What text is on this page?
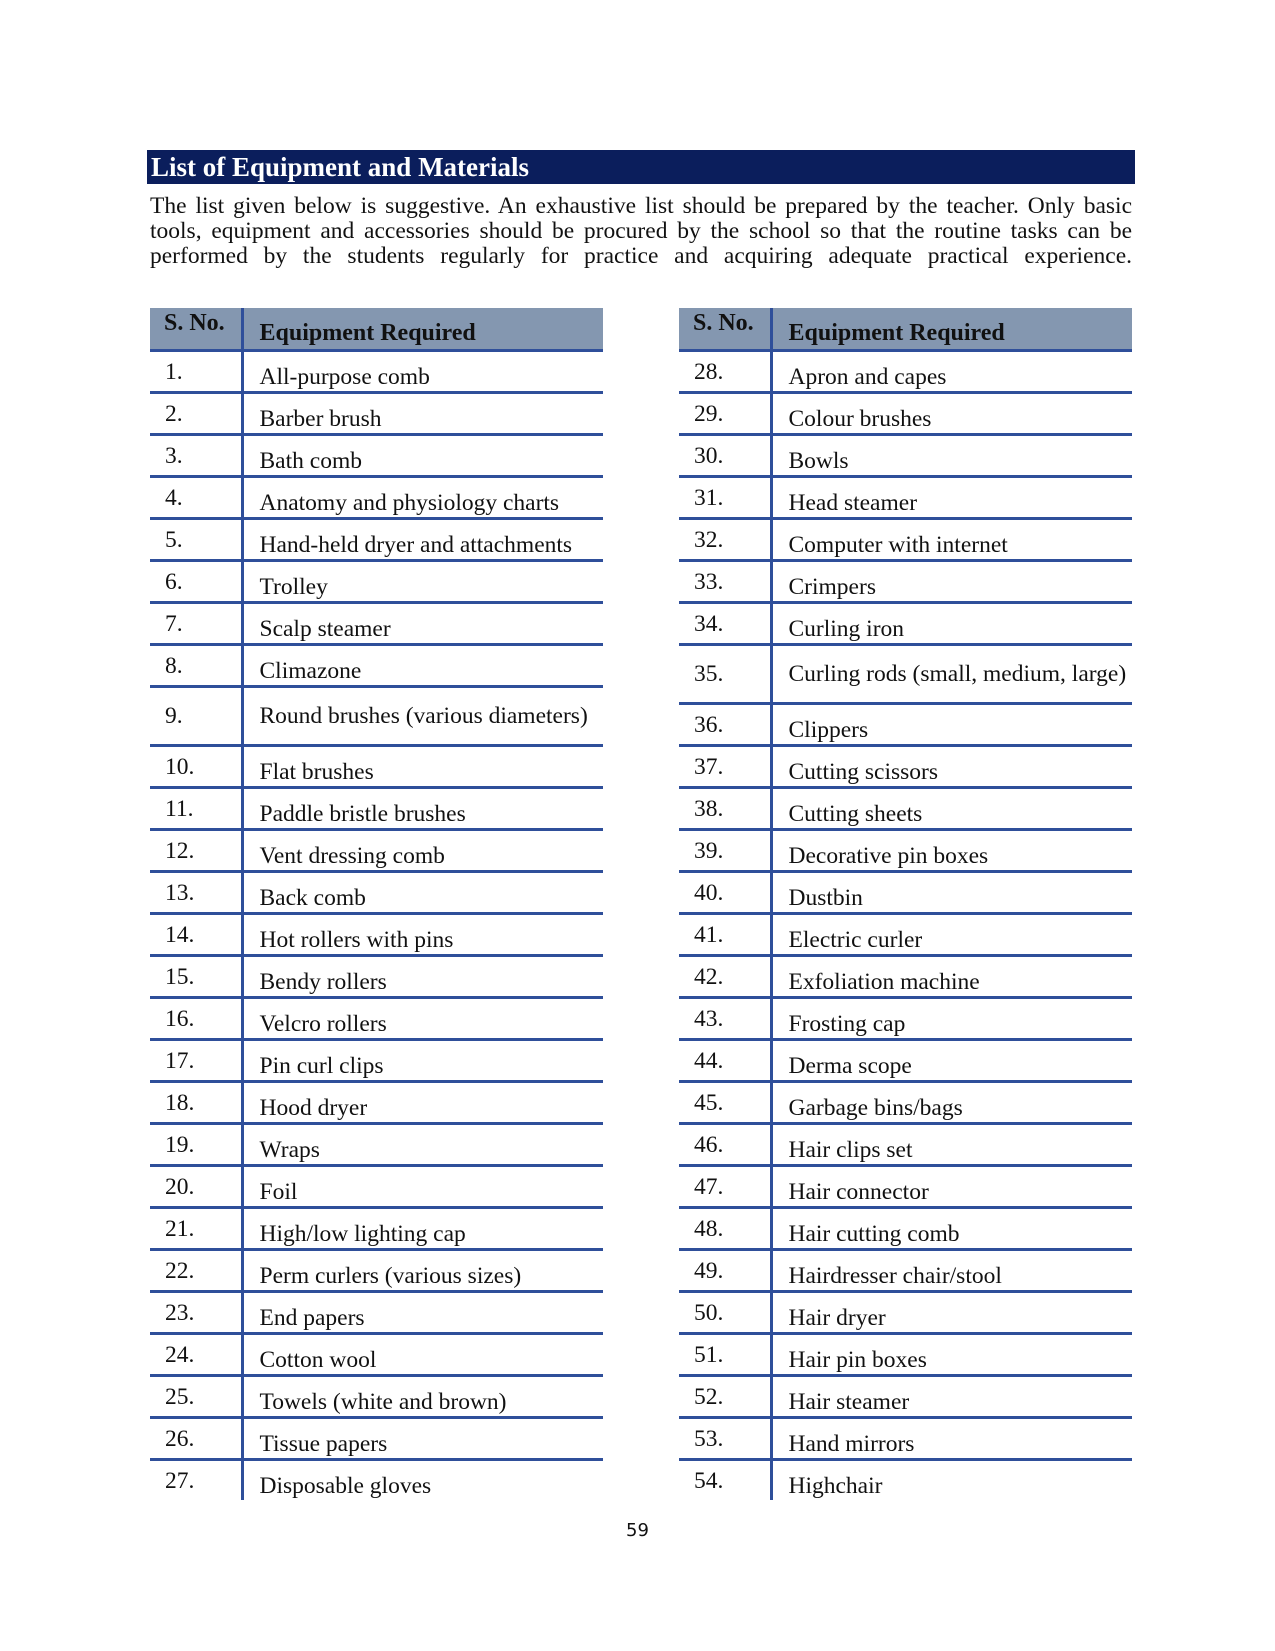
List of Equipment and Materials

The list given below is suggestive. An exhaustive list should be prepared by the teacher. Only basic tools, equipment and accessories should be procured by the school so that the routine tasks can be performed by the students regularly for practice and acquiring adequate practical experience.

S. No.	Equipment Required
1.	All-purpose comb
2.	Barber brush
3.	Bath comb
4.	Anatomy and physiology charts
5.	Hand-held dryer and attachments
6.	Trolley
7.	Scalp steamer
8.	Climazone
9.	Round brushes (various diameters)
10.	Flat brushes
11.	Paddle bristle brushes
12.	Vent dressing comb
13.	Back comb
14.	Hot rollers with pins
15.	Bendy rollers
16.	Velcro rollers
17.	Pin curl clips
18.	Hood dryer
19.	Wraps
20.	Foil
21.	High/low lighting cap
22.	Perm curlers (various sizes)
23.	End papers
24.	Cotton wool
25.	Towels (white and brown)
26.	Tissue papers
27.	Disposable gloves
S. No.	Equipment Required
28.	Apron and capes
29.	Colour brushes
30.	Bowls
31.	Head steamer
32.	Computer with internet
33.	Crimpers
34.	Curling iron
35.	Curling rods (small, medium, large)
36.	Clippers
37.	Cutting scissors
38.	Cutting sheets
39.	Decorative pin boxes
40.	Dustbin
41.	Electric curler
42.	Exfoliation machine
43.	Frosting cap
44.	Derma scope
45.	Garbage bins/bags
46.	Hair clips set
47.	Hair connector
48.	Hair cutting comb
49.	Hairdresser chair/stool
50.	Hair dryer
51.	Hair pin boxes
52.	Hair steamer
53.	Hand mirrors
54.	Highchair
59
